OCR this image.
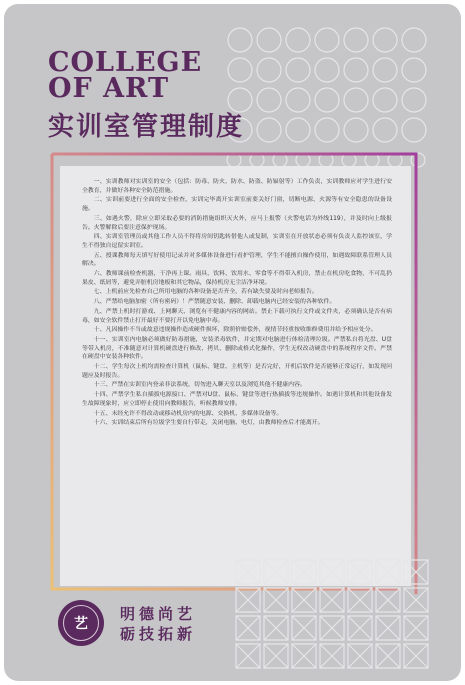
COLLEGE
OF ART
实训室管理制度

一、实训教师对实训室的安全（包括：防毒、防火、防水、防盗、防辐射等）工作负责，实训教师应对学生进行安全教育，并做好各种安全防范措施。

二、实训前要进行全面的安全检查，实训完毕离开实训室前要关好门窗，切断电源、火源等有安全隐患的设备设施。

三、如遇火警，除应立即采取必要的消防措施组织灭火外，应马上报警（火警电话为外线119），并及时向上级报告。火警解除后要注意保护现场。

四、实训室管理员或其他工作人员不得将房间钥匙转借他人或复制，实训室在开放状态必须有负责人监控该室，学生不得独自逗留实训室。

五、授课教师每天填写好使用记录并对多媒体设备进行看护管理，学生不能擅自操作使用，如遇故障联系管理人员解决。

六、教师课前检查机器，干净再上课。雨具、饮料、饮用水、零食等不得带入机房，禁止在机房吃食物，不可乱扔果皮、纸屑等，避免弄脏机房地板和其它物品，保持机房无尘洁净环境。

七、上机前应先检查自己所用电脑的各种设备是否齐全，若有缺失要及时向老师报告。

八、严禁给电脑加密（所有密码）！严禁随意安装、删除、卸载电脑内已经安装的各种软件。

九、严禁上机时打游戏、上网聊天、浏览有不健康内容的网站。禁止下载可执行文件或文件夹，必须确认是否有病毒，如安全软件禁止打开最好不要打开以免电脑中毒。

十、凡因操作不当或故意违规操作造成硬件损坏，除照价赔偿外，视情节轻重按收维修费用并给予相应处分。

十一、实训室内电脑必须做好防毒措施，安装杀毒软件，并定期对电脑进行体检清理垃圾。严禁私自将光盘、U盘等带入机房，不准随意对计算机硬盘进行修改、拷贝、删除或格式化操作，学生无权改动硬盘中的系统程序文件。严禁在硬盘中安装各种软件。

十二、学生每次上机均需检查计算机（鼠标、键盘、主机等）是否完好，开机后软件是否能够正常运行，如发现问题应及时报告。

十三、严禁在实训室内登录非法系统，切勿进入聊天室以及浏览其他不健康内容。

十四、严禁学生私自插拔电源接口、严禁对U盘、鼠标、键盘等进行热插拔等违规操作。如遇计算机和其他设备发生故障现象时，应立即停止使用向教师报告，听候教师安排。

十五、未经允许不得改动或移动机房内的电源、交换机、多媒体设备等。

十六、实训结束后所有垃圾学生要自行带走，关闭电脑、电灯，由教师检查后才能离开。

艺
明德尚艺
砺技拓新
